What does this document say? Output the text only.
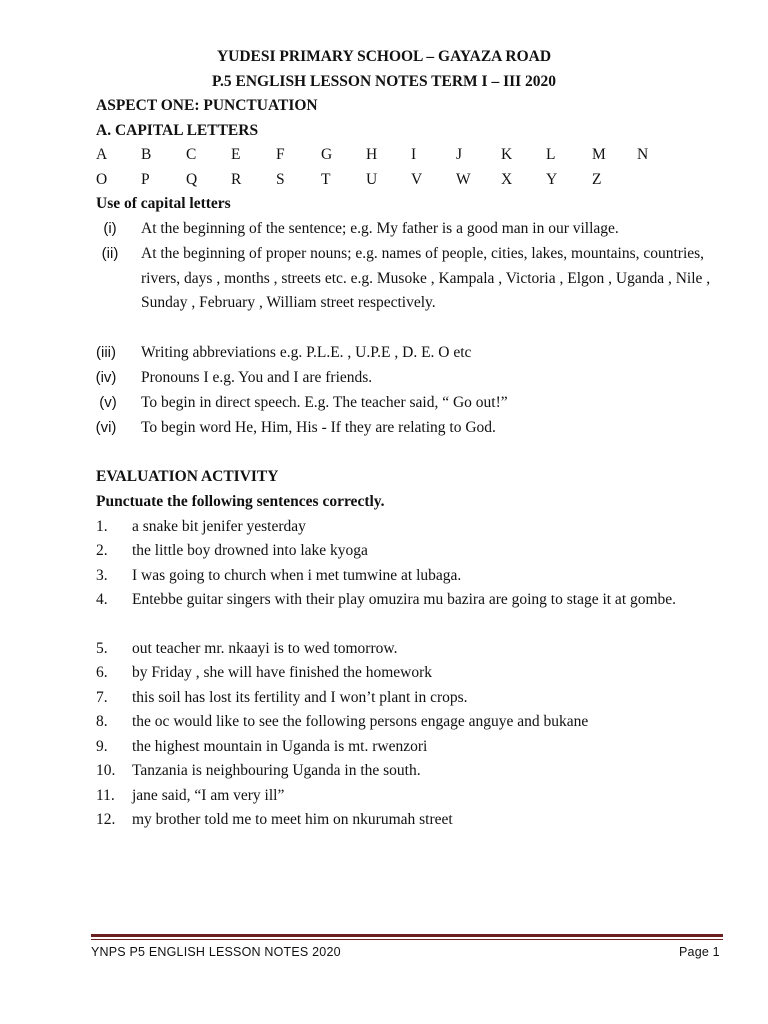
YUDESI PRIMARY SCHOOL – GAYAZA ROAD
P.5 ENGLISH LESSON NOTES TERM I – III 2020
ASPECT ONE: PUNCTUATION
A. CAPITAL LETTERS
A B C E F G H I	J	K L M N
O P Q R S T U V W X Y Z
Use of capital letters
(i)	At the beginning of the sentence; e.g. My father is a good man in our village.
(ii)	At the beginning of proper nouns; e.g. names of people, cities, lakes, mountains, countries, rivers, days , months , streets etc. e.g. Musoke , Kampala , Victoria , Elgon , Uganda , Nile , Sunday , February , William street respectively.
(iii)	Writing abbreviations e.g. P.L.E. , U.P.E , D. E. O etc
(iv)	Pronouns I e.g. You and I are friends.
(v)	To begin in direct speech. E.g. The teacher said, “ Go out!”
(vi)	To begin word He, Him, His - If they are relating to God.
EVALUATION ACTIVITY
Punctuate the following sentences correctly.
1. a snake bit jenifer yesterday
2. the little boy drowned into lake kyoga
3. I was going to church when i met tumwine at lubaga.
4. Entebbe guitar singers with their play omuzira mu bazira are going to stage it at gombe.
5. out teacher mr. nkaayi is to wed tomorrow.
6. by Friday , she will have finished the homework
7. this soil has lost its fertility and I won’t plant in crops.
8. the oc would like to see the following persons engage anguye and bukane
9. the highest mountain in Uganda is mt. rwenzori
10. Tanzania is neighbouring Uganda in the south.
11. jane said, “I am very ill”
12. my brother told me to meet him on nkurumah street
YNPS P5 ENGLISH LESSON NOTES 2020	Page 1
